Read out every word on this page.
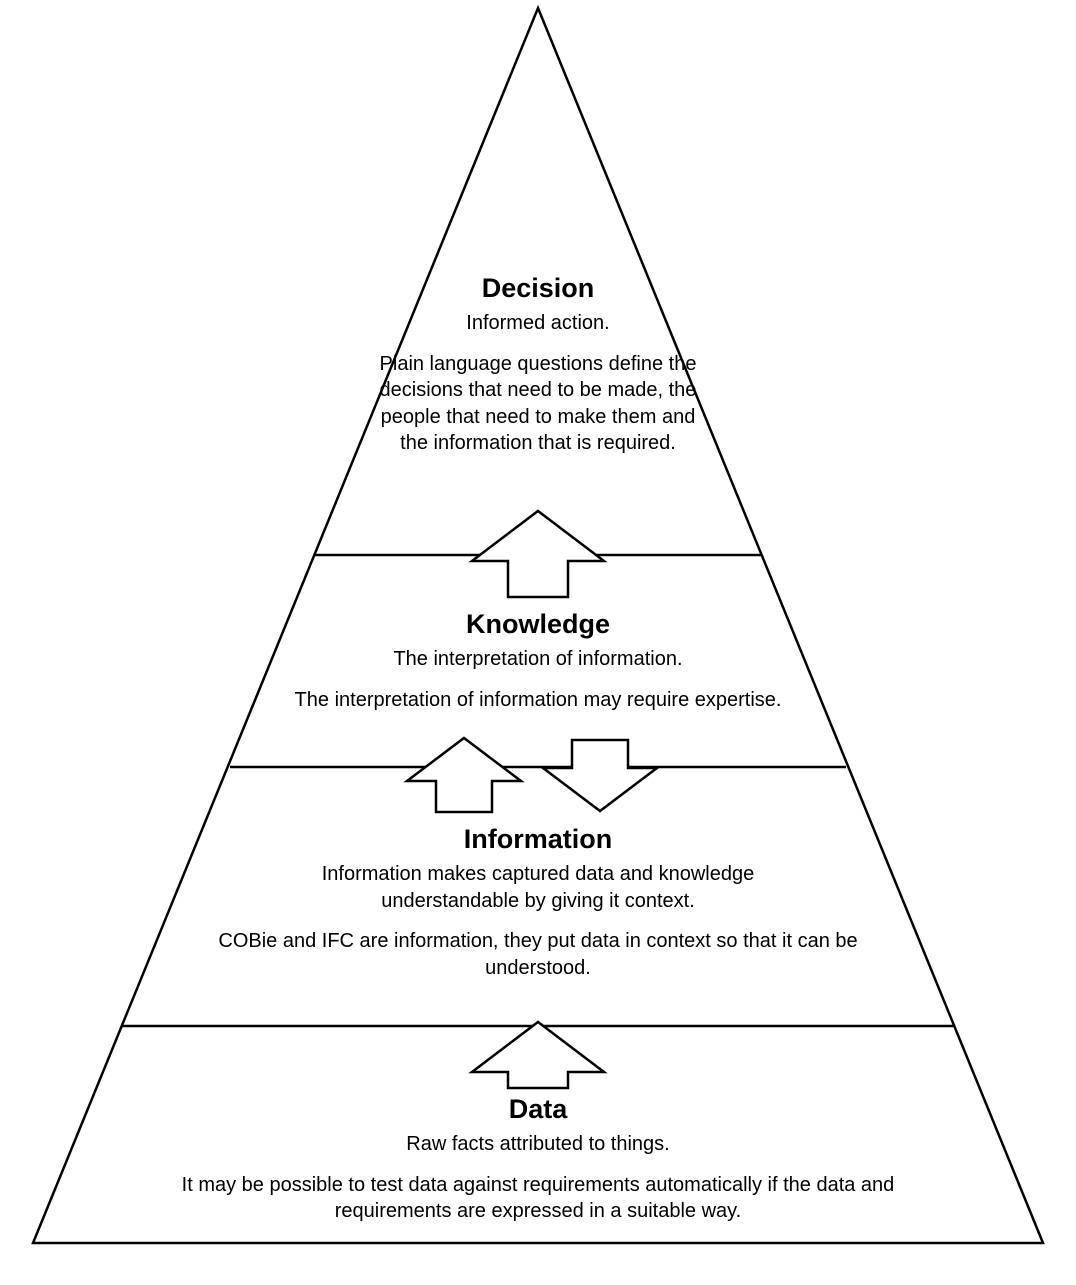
Decision
Informed action.
Plain language questions define the decisions that need to be made, the people that need to make them and the information that is required.
Knowledge
The interpretation of information.
The interpretation of information may require expertise.
Information
Information makes captured data and knowledge understandable by giving it context.
COBie and IFC are information, they put data in context so that it can be understood.
Data
Raw facts attributed to things.
It may be possible to test data against requirements automatically if the data and requirements are expressed in a suitable way.
